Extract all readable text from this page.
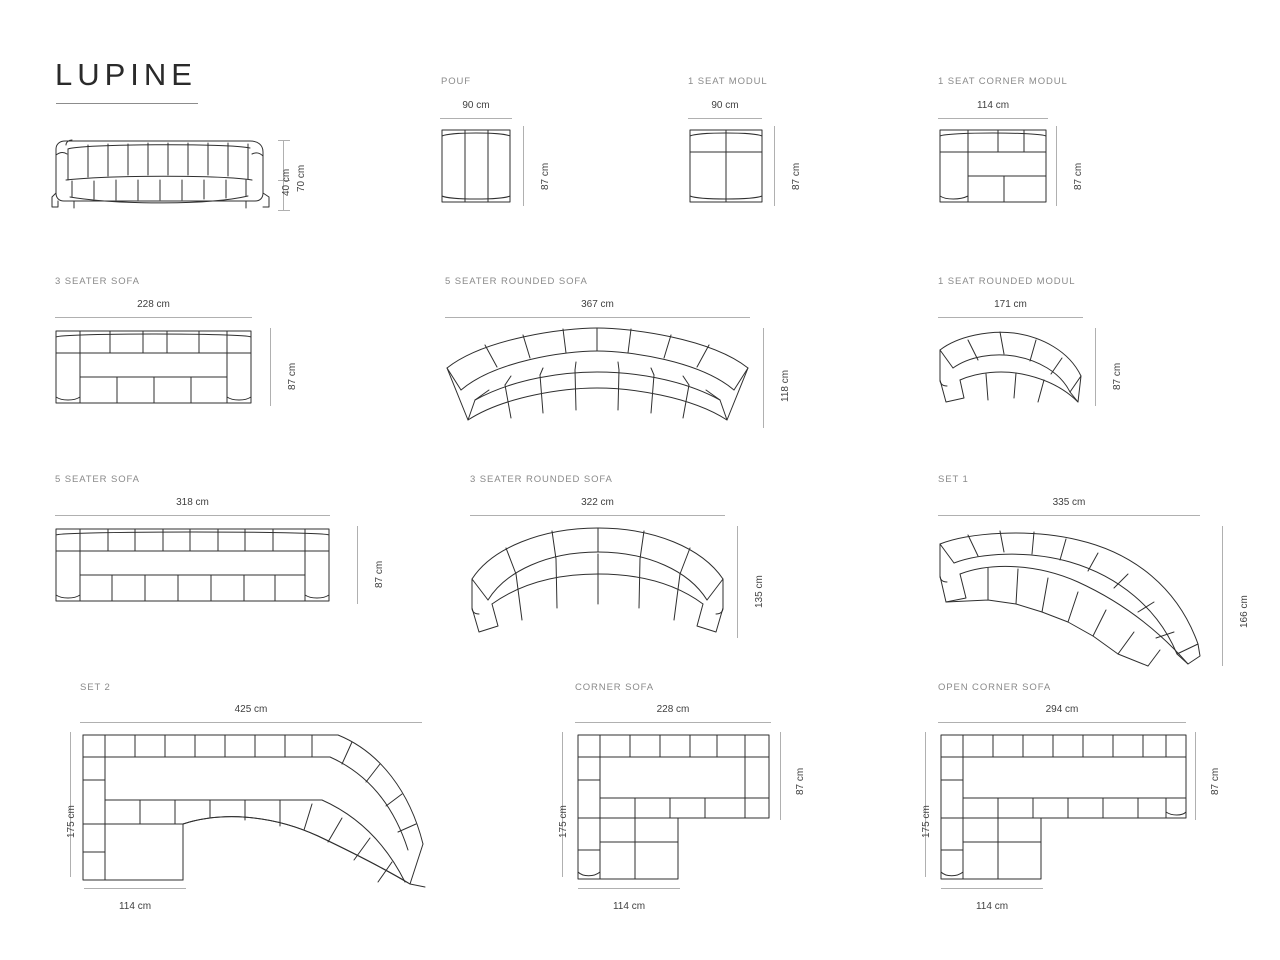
LUPINE
70 cm
40 cm
POUF
90 cm
87 cm
1 SEAT MODUL
90 cm
87 cm
1 SEAT CORNER MODUL
114 cm
87 cm
3 SEATER SOFA
228 cm
87 cm
5 SEATER ROUNDED SOFA
367 cm
118 cm
1 SEAT ROUNDED MODUL
171 cm
87 cm
5 SEATER SOFA
318 cm
87 cm
3 SEATER ROUNDED SOFA
322 cm
135 cm
SET 1
335 cm
166 cm
SET 2
425 cm
175 cm
114 cm
CORNER SOFA
228 cm
175 cm
87 cm
114 cm
OPEN CORNER SOFA
294 cm
175 cm
87 cm
114 cm
